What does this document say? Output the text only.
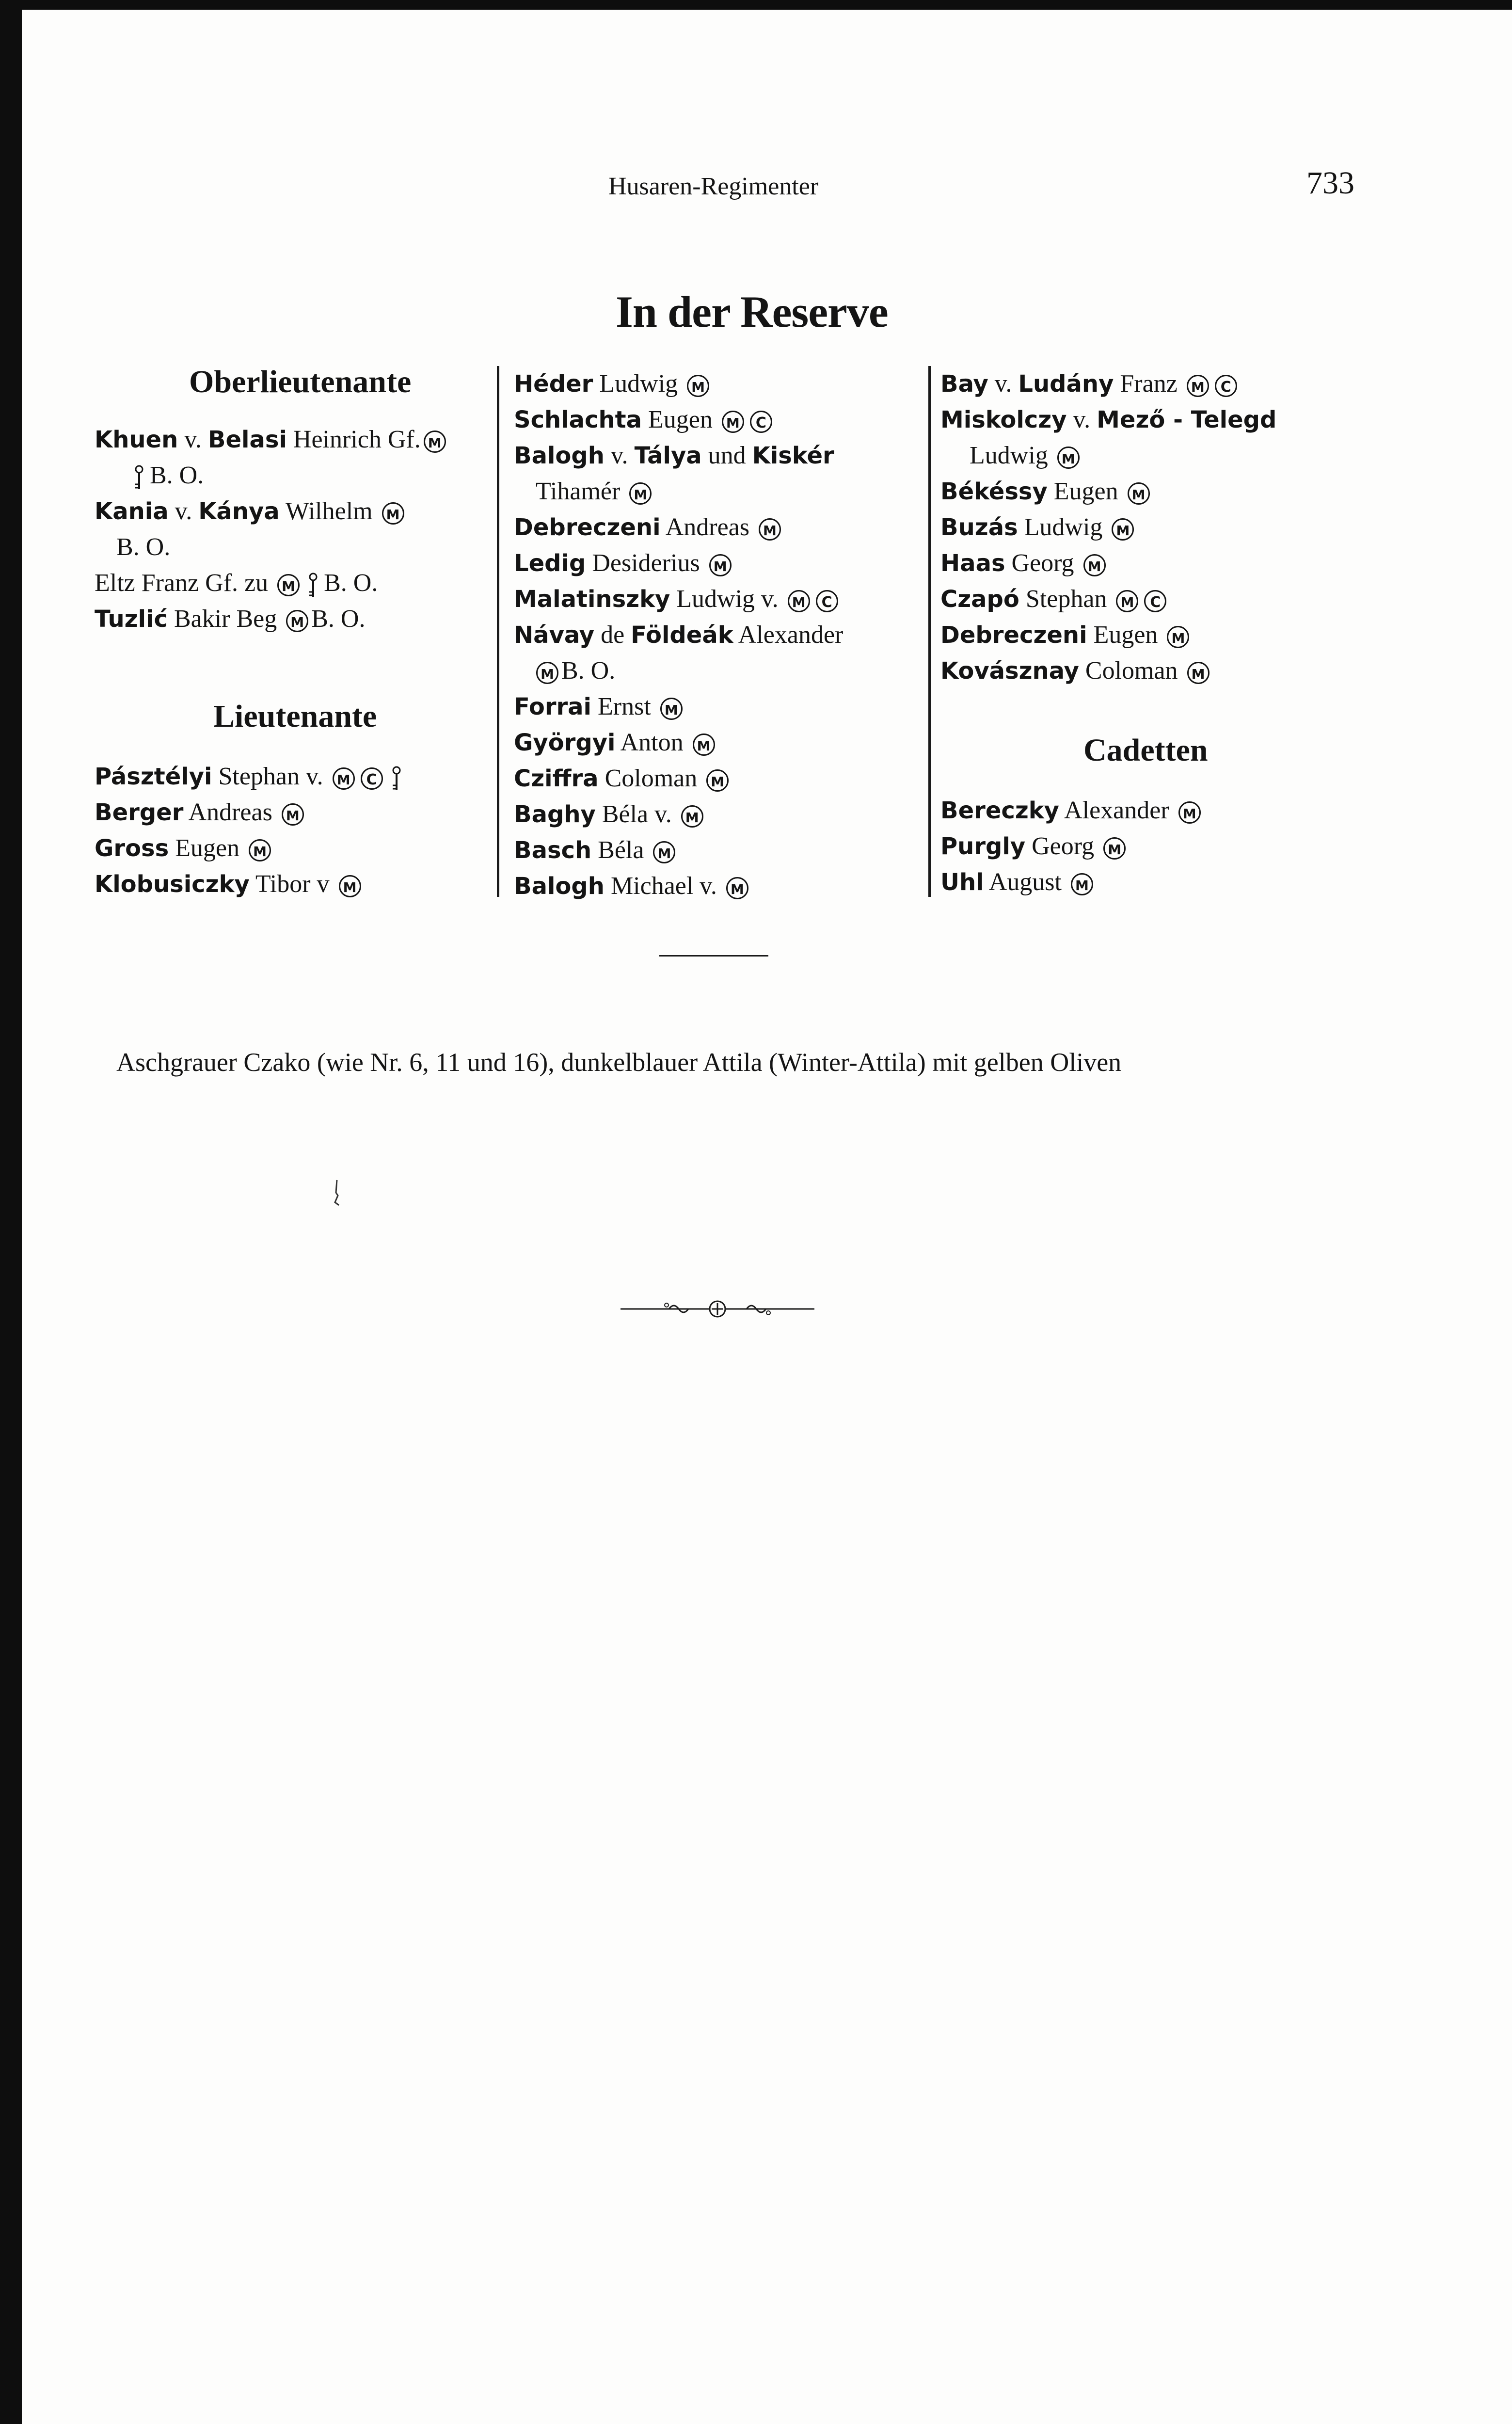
Husaren-Regimenter	733
In der Reserve
Oberlieutenante
Khuen v. Belasi Heinrich Gf. M
B. O.
Kania v. Kánya Wilhelm M
B. O.
Eltz Franz Gf. zu M B. O.
Tuzlić Bakir Beg M B. O.
Lieutenante
Pásztélyi Stephan v. M C
Berger Andreas M
Gross Eugen M
Klobusiczky Tibor v M
Héder Ludwig M
Schlachta Eugen M C
Balogh v. Tálya und Kiskér
Tihamér M
Debreczeni Andreas M
Ledig Desiderius M
Malatinszky Ludwig v. M C
Návay de Földeák Alexander
M B. O.
Forrai Ernst M
Györgyi Anton M
Cziffra Coloman M
Baghy Béla v. M
Basch Béla M
Balogh Michael v. M
Bay v. Ludány Franz M C
Miskolczy v. Mező - Telegd
Ludwig M
Békéssy Eugen M
Buzás Ludwig M
Haas Georg M
Czapó Stephan M C
Debreczeni Eugen M
Kovásznay Coloman M
Cadetten
Bereczky Alexander M
Purgly Georg M
Uhl August M
Aschgrauer Czako (wie Nr. 6, 11 und 16), dunkelblauer Attila (Winter-Attila) mit gelben Oliven
